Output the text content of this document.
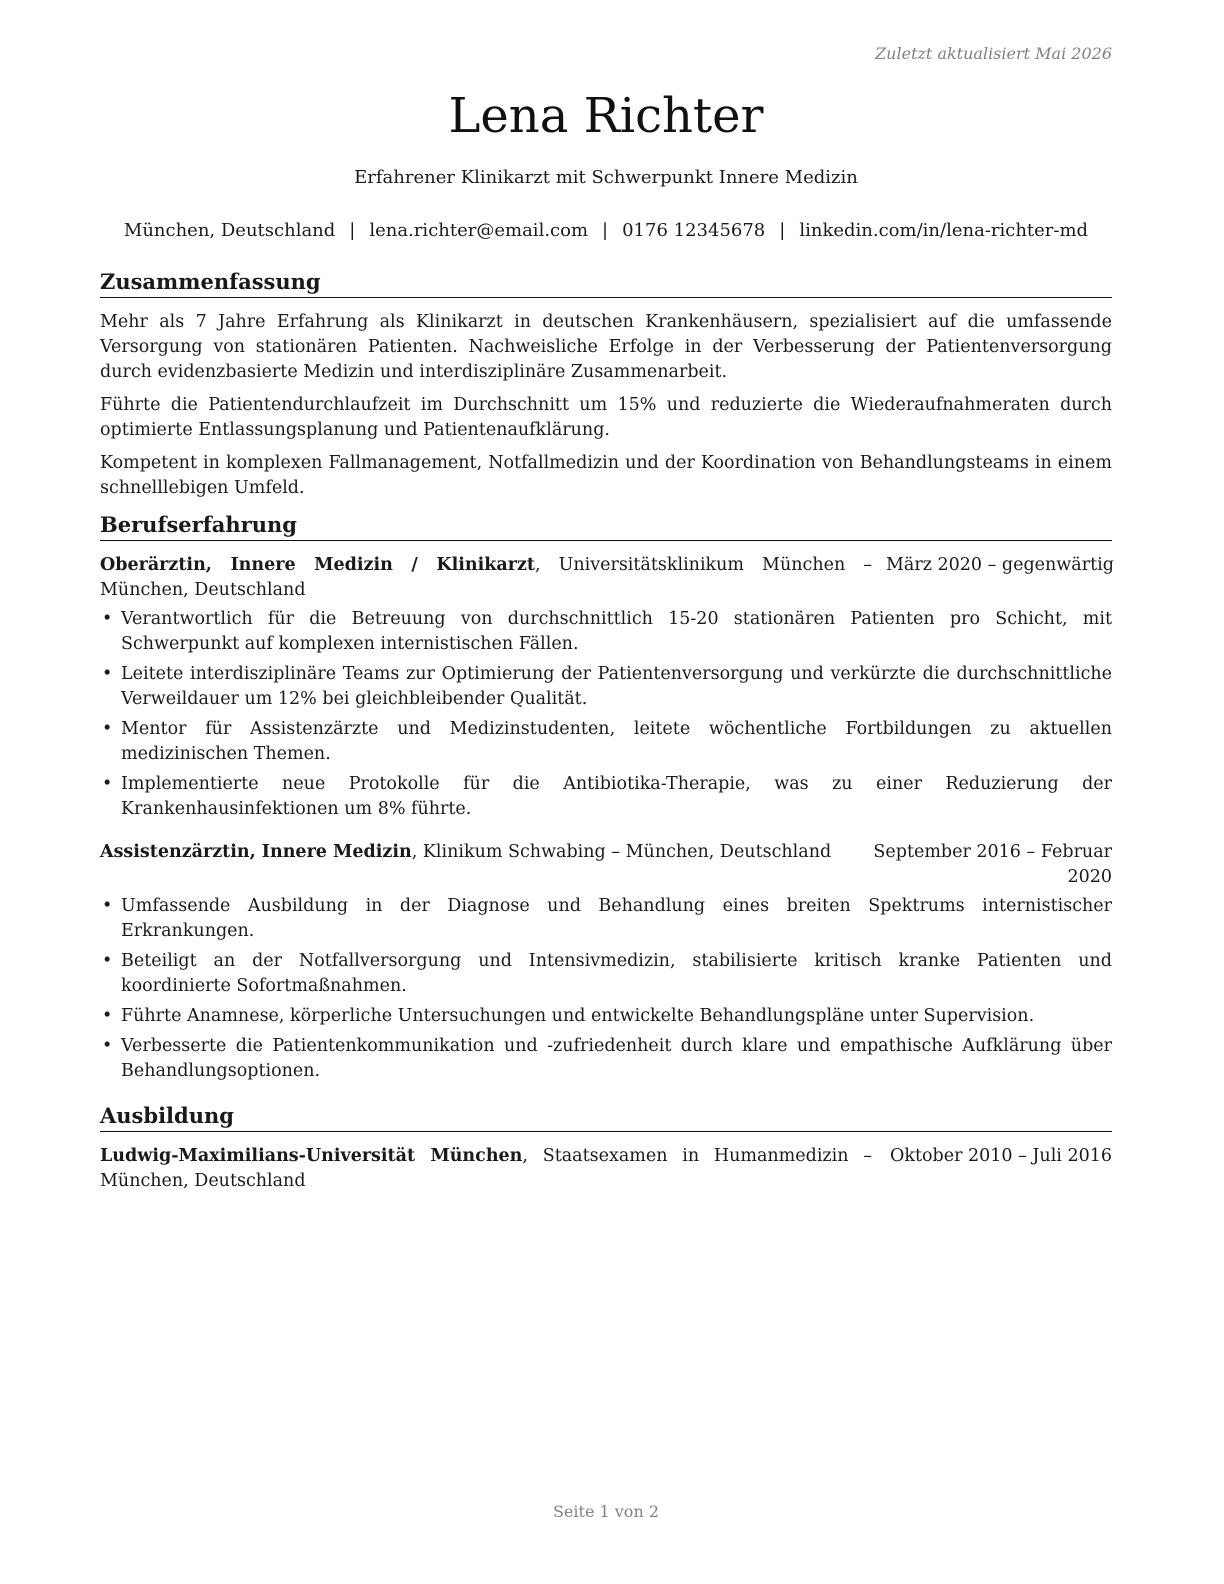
Zuletzt aktualisiert Mai 2026
Lena Richter
Erfahrener Klinikarzt mit Schwerpunkt Innere Medizin
München, Deutschland | lena.richter@email.com | 0176 12345678 | linkedin.com/in/lena-richter-md
Zusammenfassung

Mehr als 7 Jahre Erfahrung als Klinikarzt in deutschen Krankenhäusern, spezialisiert auf die umfassende Versorgung von stationären Patienten. Nachweisliche Erfolge in der Verbesserung der Patientenversorgung durch evidenzbasierte Medizin und interdisziplinäre Zusammenarbeit.

Führte die Patientendurchlaufzeit im Durchschnitt um 15% und reduzierte die Wiederaufnahmeraten durch optimierte Entlassungsplanung und Patientenaufklärung.

Kompetent in komplexen Fallmanagement, Notfallmedizin und der Koordination von Behandlungsteams in einem schnelllebigen Umfeld.

Berufserfahrung
Oberärztin, Innere Medizin / Klinikarzt, Universitätsklinikum München – München, Deutschland
März 2020 – gegenwärtig
• Verantwortlich für die Betreuung von durchschnittlich 15-20 stationären Patienten pro Schicht, mit Schwerpunkt auf komplexen internistischen Fällen.
• Leitete interdisziplinäre Teams zur Optimierung der Patientenversorgung und verkürzte die durchschnittliche Verweildauer um 12% bei gleichbleibender Qualität.
• Mentor für Assistenzärzte und Medizinstudenten, leitete wöchentliche Fortbildungen zu aktuellen medizinischen Themen.
• Implementierte neue Protokolle für die Antibiotika-Therapie, was zu einer Reduzierung der Krankenhausinfektionen um 8% führte.
Assistenzärztin, Innere Medizin, Klinikum Schwabing – München, Deutschland	September 2016 – Februar 2020
• Umfassende Ausbildung in der Diagnose und Behandlung eines breiten Spektrums internistischer Erkrankungen.
• Beteiligt an der Notfallversorgung und Intensivmedizin, stabilisierte kritisch kranke Patienten und koordinierte Sofortmaßnahmen.
• Führte Anamnese, körperliche Untersuchungen und entwickelte Behandlungspläne unter Supervision.
• Verbesserte die Patientenkommunikation und -zufriedenheit durch klare und empathische Aufklärung über Behandlungsoptionen.
Ausbildung
Ludwig-Maximilians-Universität München, Staatsexamen in Humanmedizin – München, Deutschland
Oktober 2010 – Juli 2016
Seite 1 von 2
